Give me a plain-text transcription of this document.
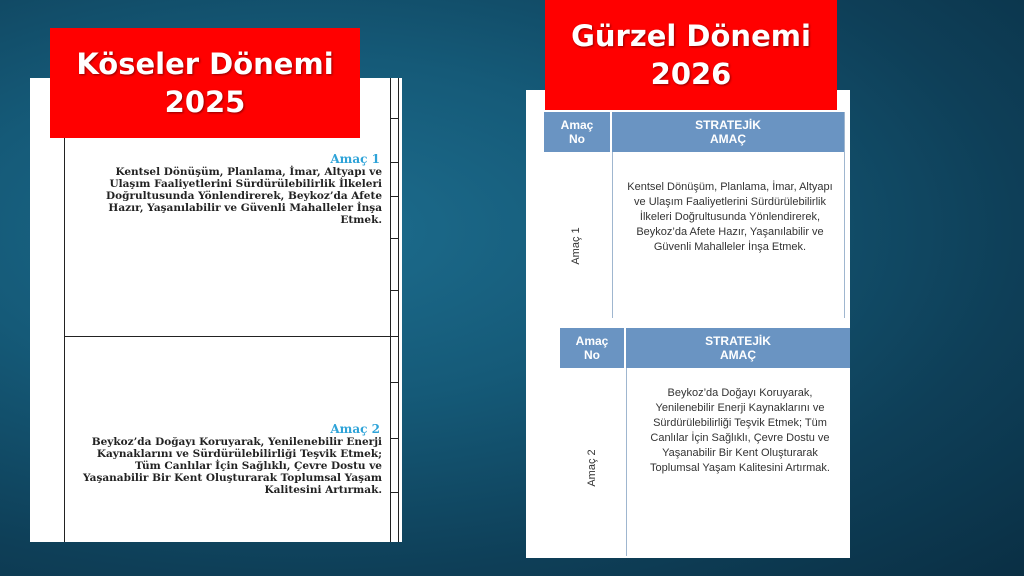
Amaç 1
Kentsel Dönüşüm, Planlama, İmar, Altyapı ve Ulaşım Faaliyetlerini Sürdürülebilirlik İlkeleri Doğrultusunda Yönlendirerek, Beykoz’da Afete Hazır, Yaşanılabilir ve Güvenli Mahalleler İnşa Etmek.
Amaç 2
Beykoz’da Doğayı Koruyarak, Yenilenebilir Enerji Kaynaklarını ve Sürdürülebilirliği Teşvik Etmek; Tüm Canlılar İçin Sağlıklı, Çevre Dostu ve Yaşanabilir Bir Kent Oluşturarak Toplumsal Yaşam Kalitesini Artırmak.
Köseler Dönemi
2025
Amaç No
STRATEJİK AMAÇ
Amaç 1
Kentsel Dönüşüm, Planlama, İmar, Altyapı ve Ulaşım Faaliyetlerini Sürdürülebilirlik İlkeleri Doğrultusunda Yönlendirerek, Beykoz’da Afete Hazır, Yaşanılabilir ve Güvenli Mahalleler İnşa Etmek.
Amaç No
STRATEJİK AMAÇ
Amaç 2
Beykoz’da Doğayı Koruyarak, Yenilenebilir Enerji Kaynaklarını ve Sürdürülebilirliği Teşvik Etmek; Tüm Canlılar İçin Sağlıklı, Çevre Dostu ve Yaşanabilir Bir Kent Oluşturarak Toplumsal Yaşam Kalitesini Artırmak.
Gürzel Dönemi
2026
